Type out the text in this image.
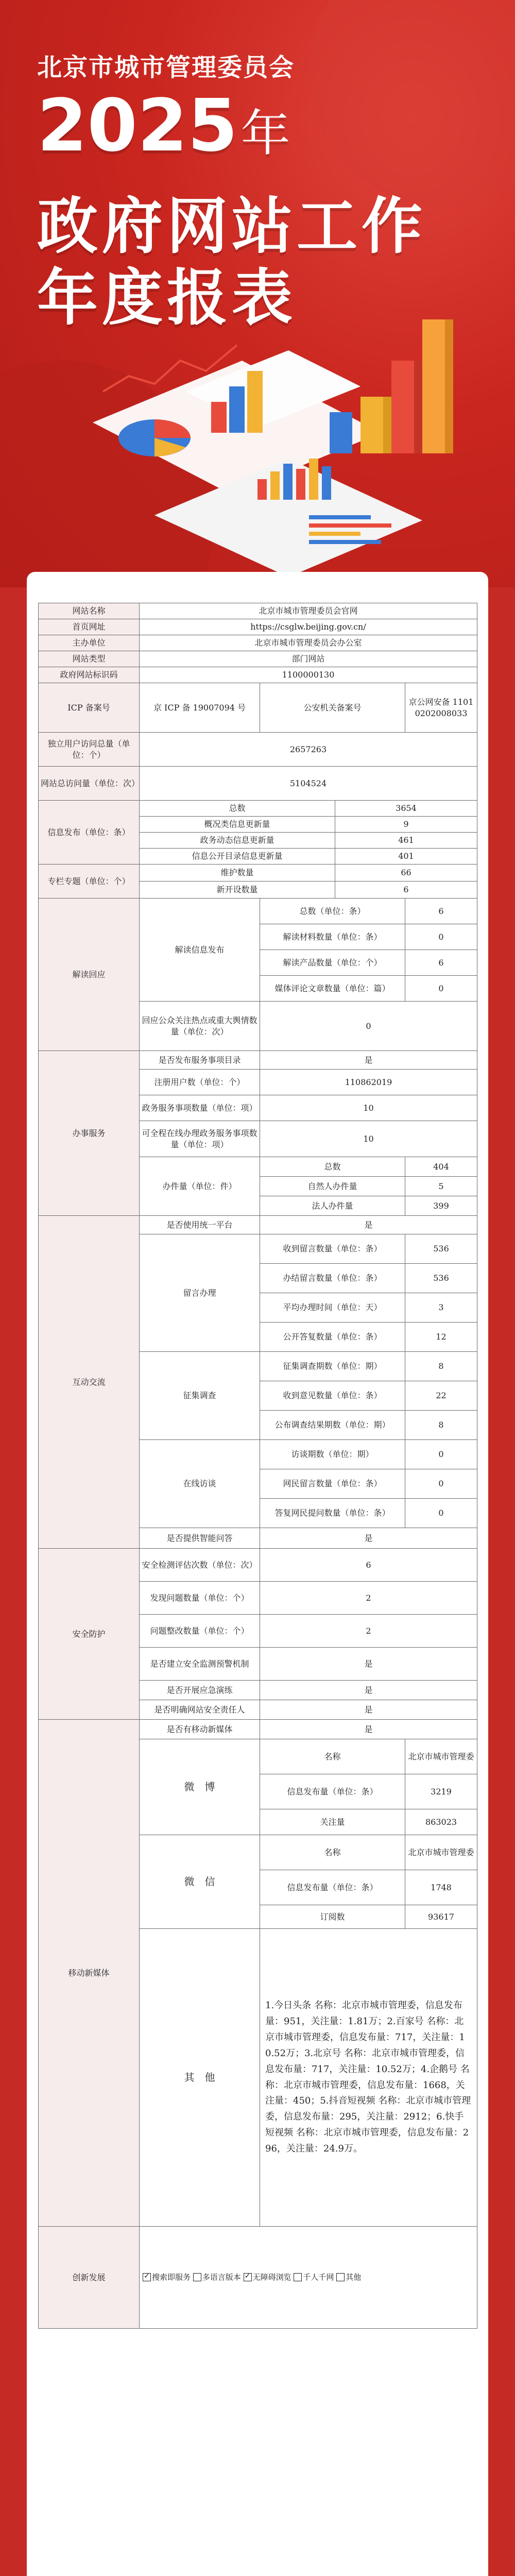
北京市城市管理委员会
2025年
政府网站工作
年度报表
网站名称	北京市城市管理委员会官网			
首页网址	https://csglw.beijing.gov.cn/			
主办单位	北京市城市管理委员会办公室			
网站类型	部门网站			
政府网站标识码	1100000130			
ICP 备案号	京 ICP 备 19007094 号	公安机关备案号		京公网安备 11010202008033
独立用户访问总量（单位：个）	2657263			
网站总访问量（单位：次）	5104524			
信息发布（单位：条）	总数		3654	
	概况类信息更新量		9	
	政务动态信息更新量		461	
	信息公开目录信息更新量		401	
专栏专题（单位：个）	维护数量		66	
	新开设数量		6	
解读回应	解读信息发布	总数（单位：条）		6
		解读材料数量（单位：条）		0
		解读产品数量（单位：个）		6
		媒体评论文章数量（单位：篇）		0
	回应公众关注热点或重大舆情数量（单位：次）	0		
办事服务	是否发布服务事项目录	是		
	注册用户数（单位：个）	110862019		
	政务服务事项数量（单位：项）	10		
	可全程在线办理政务服务事项数量（单位：项）	10		
	办件量（单位：件）	总数		404
		自然人办件量		5
		法人办件量		399
互动交流	是否使用统一平台	是		
	留言办理	收到留言数量（单位：条）		536
		办结留言数量（单位：条）		536
		平均办理时间（单位：天）		3
		公开答复数量（单位：条）		12
	征集调查	征集调查期数（单位：期）		8
		收到意见数量（单位：条）		22
		公布调查结果期数（单位：期）		8
	在线访谈	访谈期数（单位：期）		0
		网民留言数量（单位：条）		0
		答复网民提问数量（单位：条）		0
	是否提供智能问答	是		
安全防护	安全检测评估次数（单位：次）	6		
	发现问题数量（单位：个）	2		
	问题整改数量（单位：个）	2		
	是否建立安全监测预警机制	是		
	是否开展应急演练	是		
	是否明确网站安全责任人	是		
移动新媒体	是否有移动新媒体	是		
	微　博	名称		北京市城市管理委
		信息发布量（单位：条）		3219
		关注量		863023
	微　信	名称		北京市城市管理委
		信息发布量（单位：条）		1748
		订阅数		93617
	其　他	1.今日头条 名称：北京市城市管理委，信息发布量：951，关注量：1.81万；2.百家号 名称：北京市城市管理委，信息发布量：717，关注量：10.52万；3.北京号 名称：北京市城市管理委，信息发布量：717，关注量：10.52万；4.企鹅号 名称：北京市城市管理委，信息发布量：1668，关注量：450；5.抖音短视频 名称：北京市城市管理委，信息发布量：295，关注量：2912；6.快手短视频 名称：北京市城市管理委，信息发布量：296，关注量：24.9万。		
创新发展	✓搜索即服务 多语言版本 ✓ 无障碍浏览 千人千网 其他
